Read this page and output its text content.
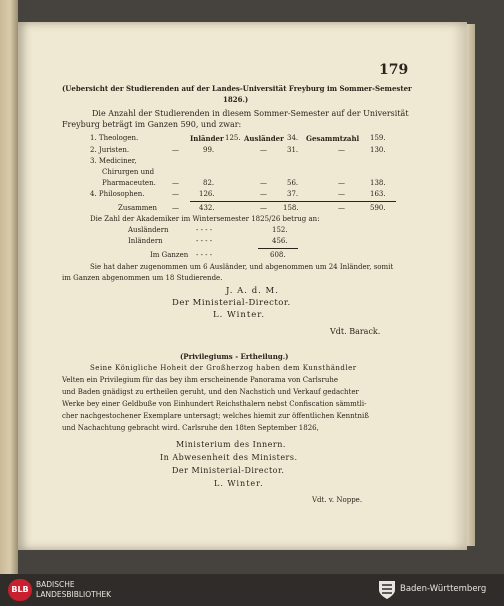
179
(Uebersicht der Studierenden auf der Landes-Universität Freyburg im Sommer-Semester
1826.)
Die Anzahl der Studierenden in diesem Sommer-Semester auf der Universität
Freyburg beträgt im Ganzen 590, und zwar:
Inländer	Ausländer	Gesammtzahl
1. Theologen.	125.	34.	159.
2. Juristen.	—	99.	—	31.	—	130.
3. Mediciner,
Chirurgen und
Pharmaceuten. —	82.	—	56.	—	138.
4. Philosophen.	—	126.	—	37.	—	163.
Zusammen —	432.	— 158.	—	590.
Die Zahl der Akademiker im Wintersemester 1825/26 betrug an:
Ausländern	- - - -	152.
Inländern	- - - -	456.
Im Ganzen - - - -	608.
Sie hat daher zugenommen um 6 Ausländer, und abgenommen um 24 Inländer, somit
im Ganzen abgenommen um 18 Studierende.
J. A. d. M.
Der Ministerial-Director.
L. Winter.
Vdt. Barack.
(Privilegiums - Ertheilung.)
Seine Königliche Hoheit der Großherzog haben dem Kunsthändler
Velten ein Privilegium für das bey ihm erscheinende Panorama von Carlsruhe
und Baden gnädigst zu ertheilen geruht, und den Nachstich und Verkauf gedachter
Werke bey einer Geldbuße von Einhundert Reichsthalern nebst Confiscation sämmtli-
cher nachgestochener Exemplare untersagt; welches hiemit zur öffentlichen Kenntniß
und Nachachtung gebracht wird. Carlsruhe den 18ten September 1826,
Ministerium des Innern.
In Abwesenheit des Ministers.
Der Ministerial-Director.
L. Winter.
Vdt. v. Noppe.
BLB
BADISCHE
LANDESBIBLIOTHEK
Baden-Württemberg
